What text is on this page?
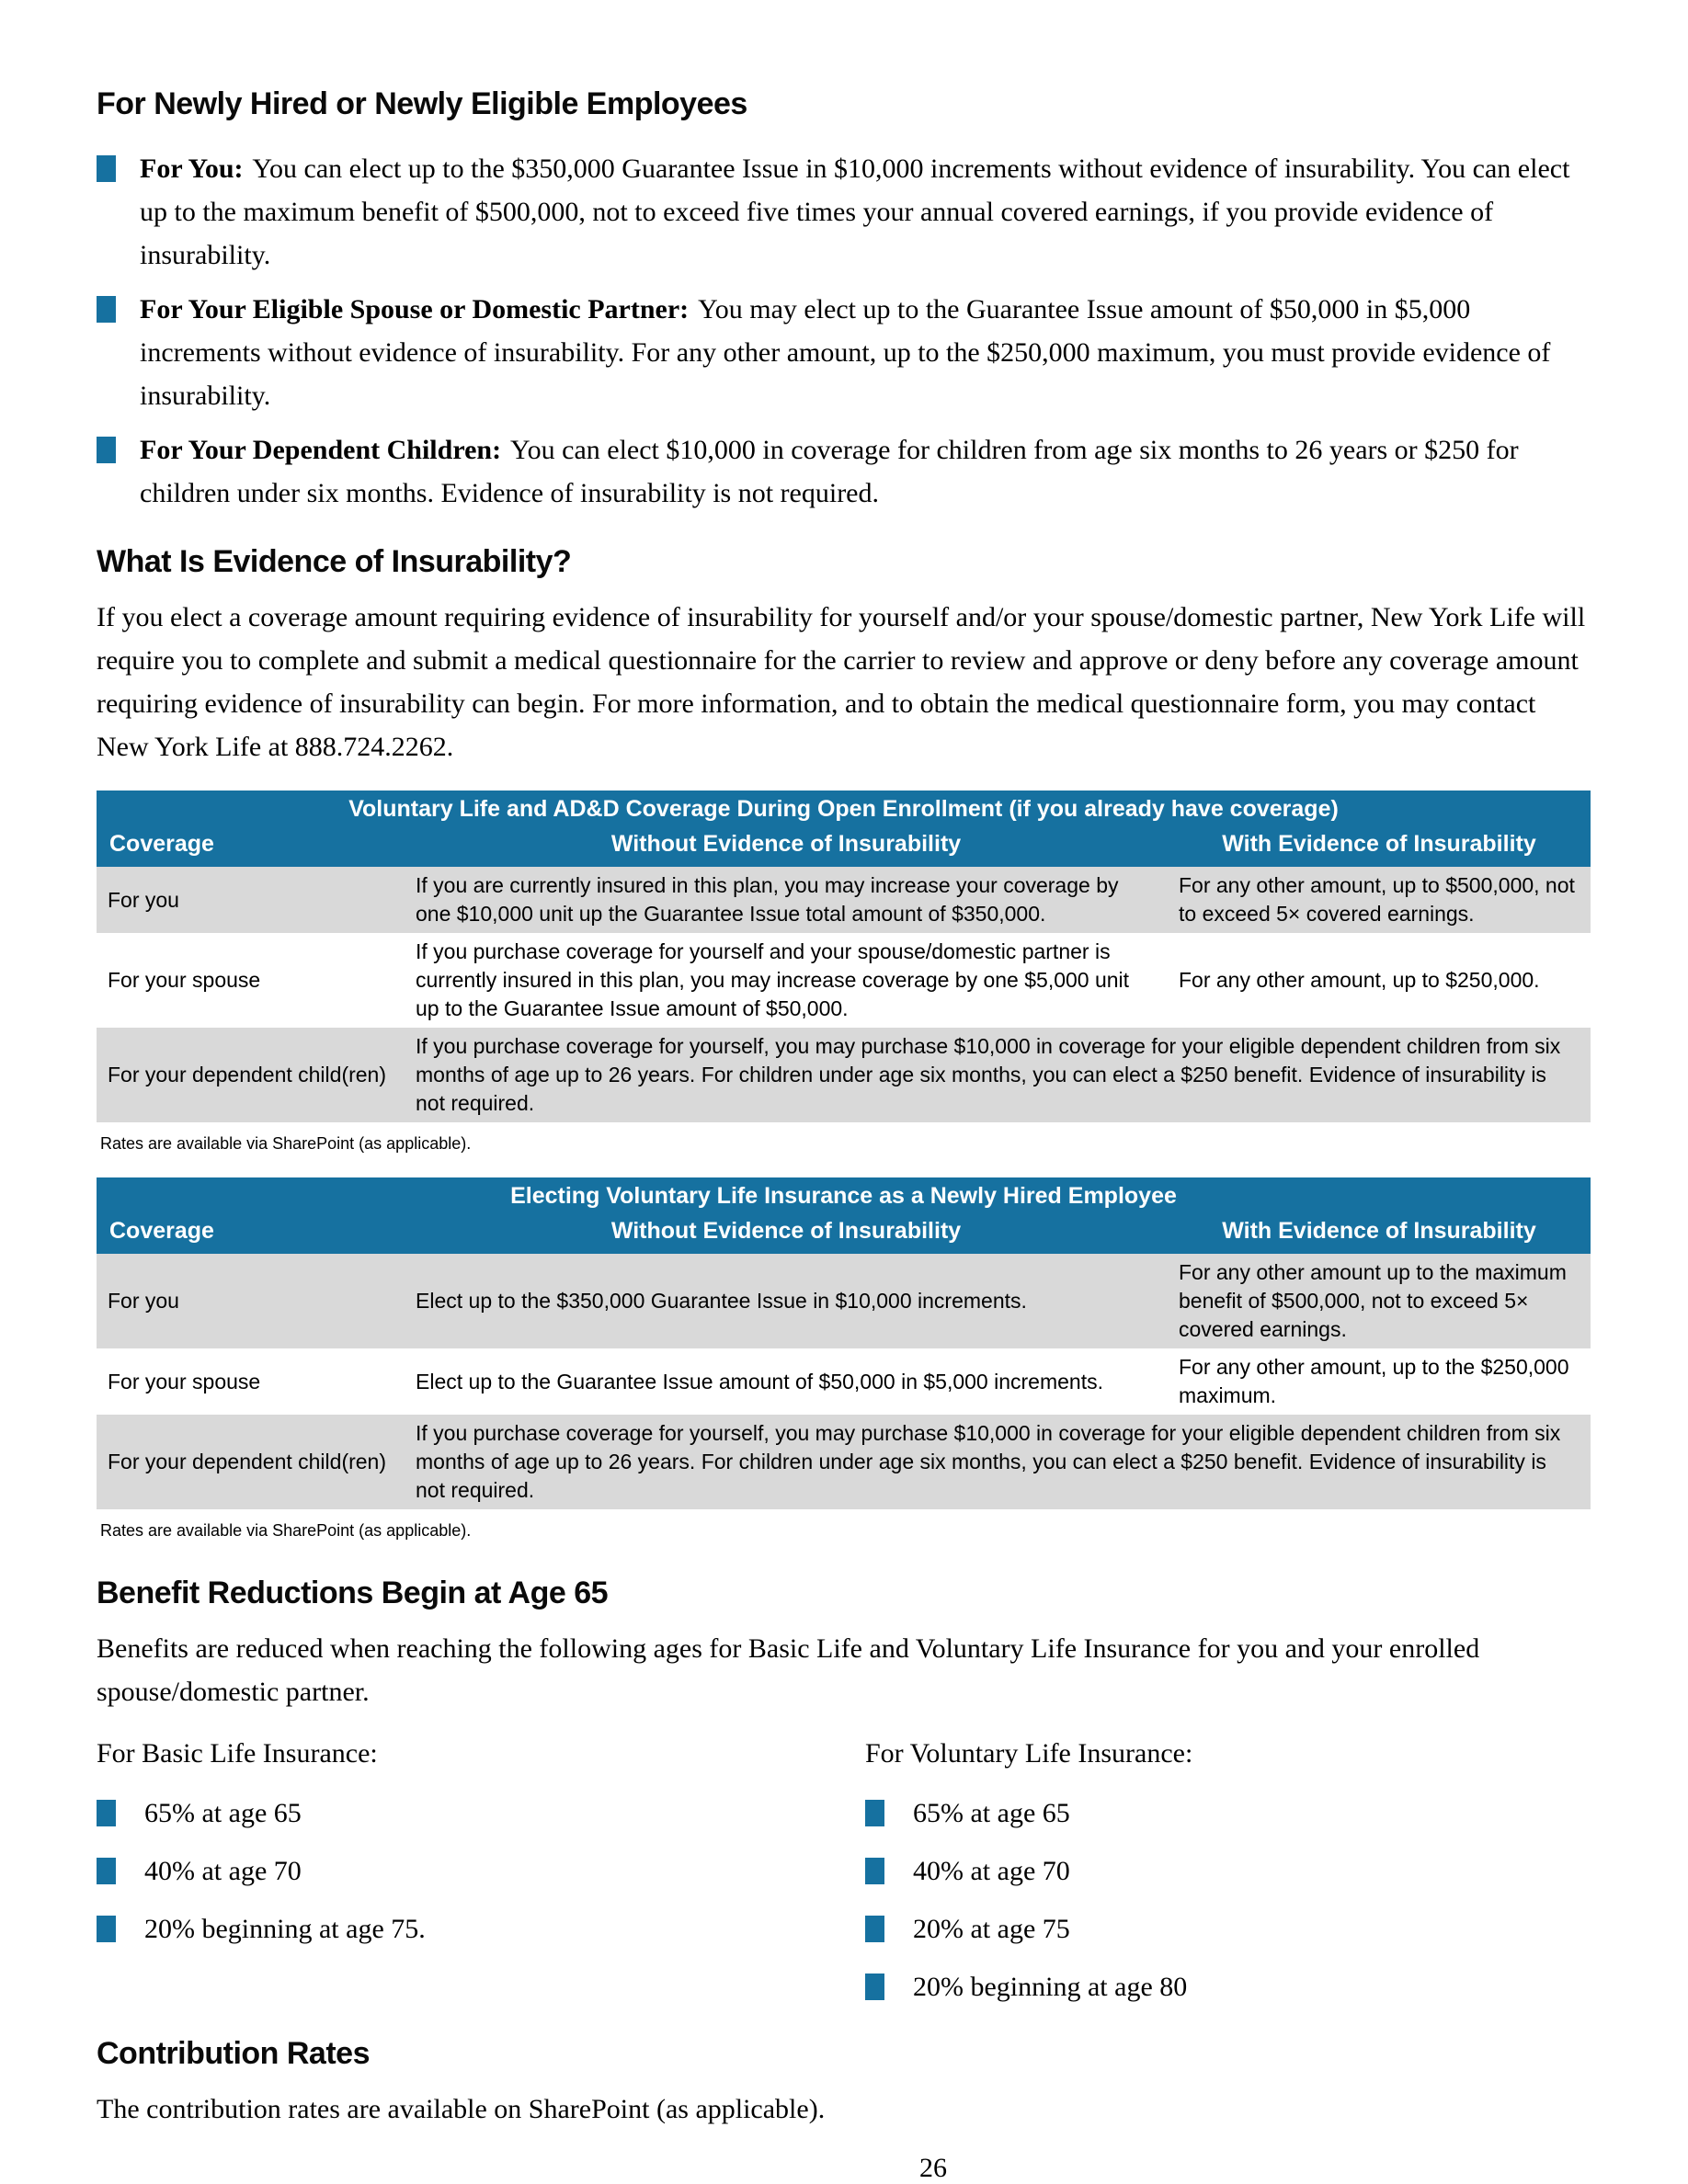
For Newly Hired or Newly Eligible Employees
For You: You can elect up to the $350,000 Guarantee Issue in $10,000 increments without evidence of insurability. You can elect up to the maximum benefit of $500,000, not to exceed five times your annual covered earnings, if you provide evidence of insurability.
For Your Eligible Spouse or Domestic Partner: You may elect up to the Guarantee Issue amount of $50,000 in $5,000 increments without evidence of insurability. For any other amount, up to the $250,000 maximum, you must provide evidence of insurability.
For Your Dependent Children: You can elect $10,000 in coverage for children from age six months to 26 years or $250 for children under six months. Evidence of insurability is not required.
What Is Evidence of Insurability?

If you elect a coverage amount requiring evidence of insurability for yourself and/or your spouse/domestic partner, New York Life will require you to complete and submit a medical questionnaire for the carrier to review and approve or deny before any coverage amount requiring evidence of insurability can begin. For more information, and to obtain the medical questionnaire form, you may contact New York Life at 888.724.2262.

Voluntary Life and AD&D Coverage During Open Enrollment (if you already have coverage)		
Coverage	Without Evidence of Insurability	With Evidence of Insurability
For you	If you are currently insured in this plan, you may increase your coverage by one $10,000 unit up the Guarantee Issue total amount of $350,000.	For any other amount, up to $500,000, not to exceed 5× covered earnings.
For your spouse	If you purchase coverage for yourself and your spouse/domestic partner is currently insured in this plan, you may increase coverage by one $5,000 unit up to the Guarantee Issue amount of $50,000.	For any other amount, up to $250,000.
For your dependent child(ren)	If you purchase coverage for yourself, you may purchase $10,000 in coverage for your eligible dependent children from six months of age up to 26 years. For children under age six months, you can elect a $250 benefit. Evidence of insurability is not required.	
Rates are available via SharePoint (as applicable).
Electing Voluntary Life Insurance as a Newly Hired Employee		
Coverage	Without Evidence of Insurability	With Evidence of Insurability
For you	Elect up to the $350,000 Guarantee Issue in $10,000 increments.	For any other amount up to the maximum benefit of $500,000, not to exceed 5× covered earnings.
For your spouse	Elect up to the Guarantee Issue amount of $50,000 in $5,000 increments.	For any other amount, up to the $250,000 maximum.
For your dependent child(ren)	If you purchase coverage for yourself, you may purchase $10,000 in coverage for your eligible dependent children from six months of age up to 26 years. For children under age six months, you can elect a $250 benefit. Evidence of insurability is not required.	
Rates are available via SharePoint (as applicable).
Benefit Reductions Begin at Age 65

Benefits are reduced when reaching the following ages for Basic Life and Voluntary Life Insurance for you and your enrolled spouse/domestic partner.

For Basic Life Insurance:
65% at age 65
40% at age 70
20% beginning at age 75.
For Voluntary Life Insurance:
65% at age 65
40% at age 70
20% at age 75
20% beginning at age 80
Contribution Rates

The contribution rates are available on SharePoint (as applicable).

26
